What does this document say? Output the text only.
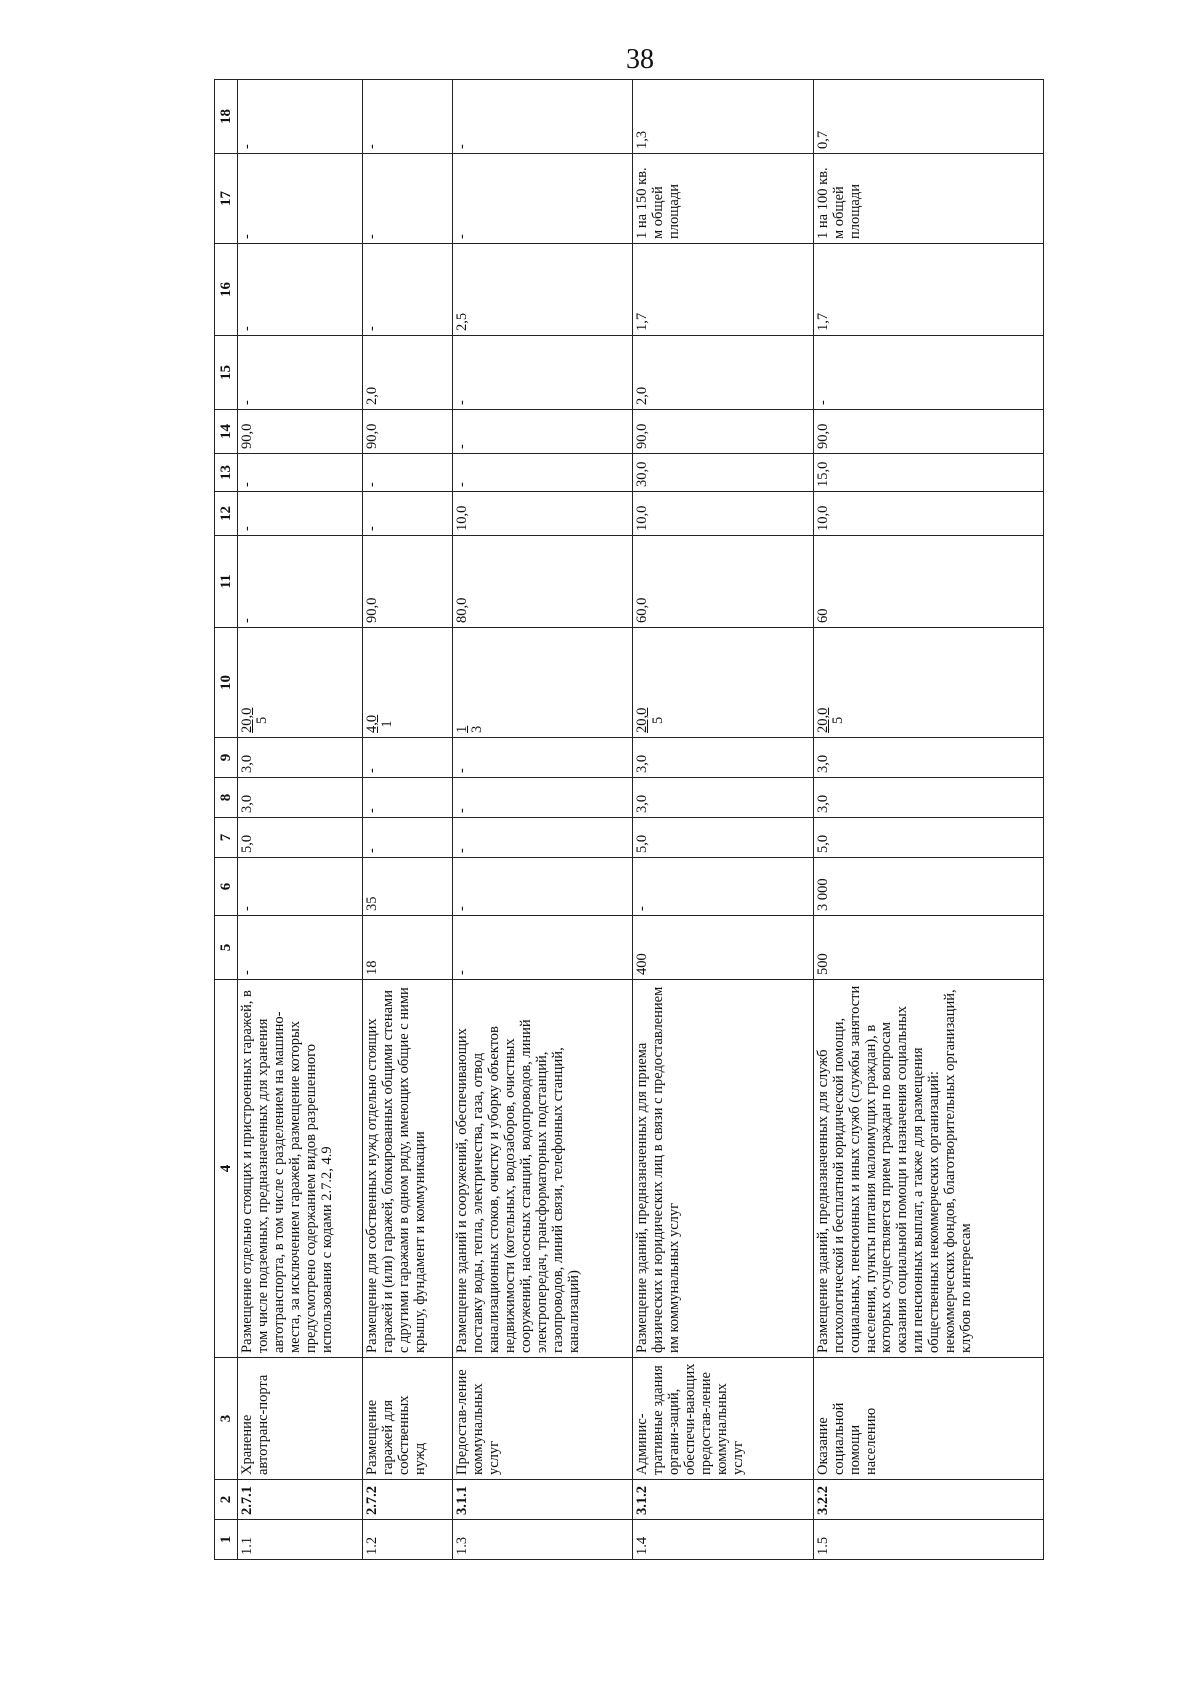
38
1	2	3	4	5	6	7	8	9	10	11	12	13	14	15	16	17	18
1.1	2.7.1	Хранение автотранс-порта	Размещение отдельно стоящих и пристроенных гаражей, в том числе подземных, предназначенных для хранения автотранспорта, в том числе с разделением на машино-места, за исключением гаражей, размещение которых предусмотрено содержанием видов разрешенного использования с кодами 2.7.2, 4.9	-	-	5,0	3,0	3,0	20,0 5	-	-	-	90,0	-	-	-	-
1.2	2.7.2	Размещение гаражей для собственных нужд	Размещение для собственных нужд отдельно стоящих гаражей и (или) гаражей, блокированных общими стенами с другими гаражами в одном ряду, имеющих общие с ними крышу, фундамент и коммуникации	18	35	-	-	-	4,0 1	90,0	-	-	90,0	2,0	-	-	-
1.3	3.1.1	Предостав-ление коммунальных услуг	Размещение зданий и сооружений, обеспечивающих поставку воды, тепла, электричества, газа, отвод канализационных стоков, очистку и уборку объектов недвижимости (котельных, водозаборов, очистных сооружений, насосных станций, водопроводов, линий электропередач, трансформаторных подстанций, газопроводов, линий связи, телефонных станций, канализаций)	-	-	-	-	-	1 3	80,0	10,0	-	-	-	2,5	-	-
1.4	3.1.2	Админис-тративные здания органи-заций, обеспечи-вающих предостав-ление коммунальных услуг	Размещение зданий, предназначенных для приема физических и юридических лиц в связи с предоставлением им коммунальных услуг	400	-	5,0	3,0	3,0	20,0 5	60,0	10,0	30,0	90,0	2,0	1,7	1 на 150 кв. м общей площади	1,3
1.5	3.2.2	Оказание социальной помощи населению	Размещение зданий, предназначенных для служб психологической и бесплатной юридической помощи, социальных, пенсионных и иных служб (службы занятости населения, пункты питания малоимущих граждан), в которых осуществляется прием граждан по вопросам оказания социальной помощи и назначения социальных или пенсионных выплат, а также для размещения общественных некоммерческих организаций: некоммерческих фондов, благотворительных организаций, клубов по интересам	500	3 000	5,0	3,0	3,0	20,0 5	60	10,0	15,0	90,0	-	1,7	1 на 100 кв. м общей площади	0,7
